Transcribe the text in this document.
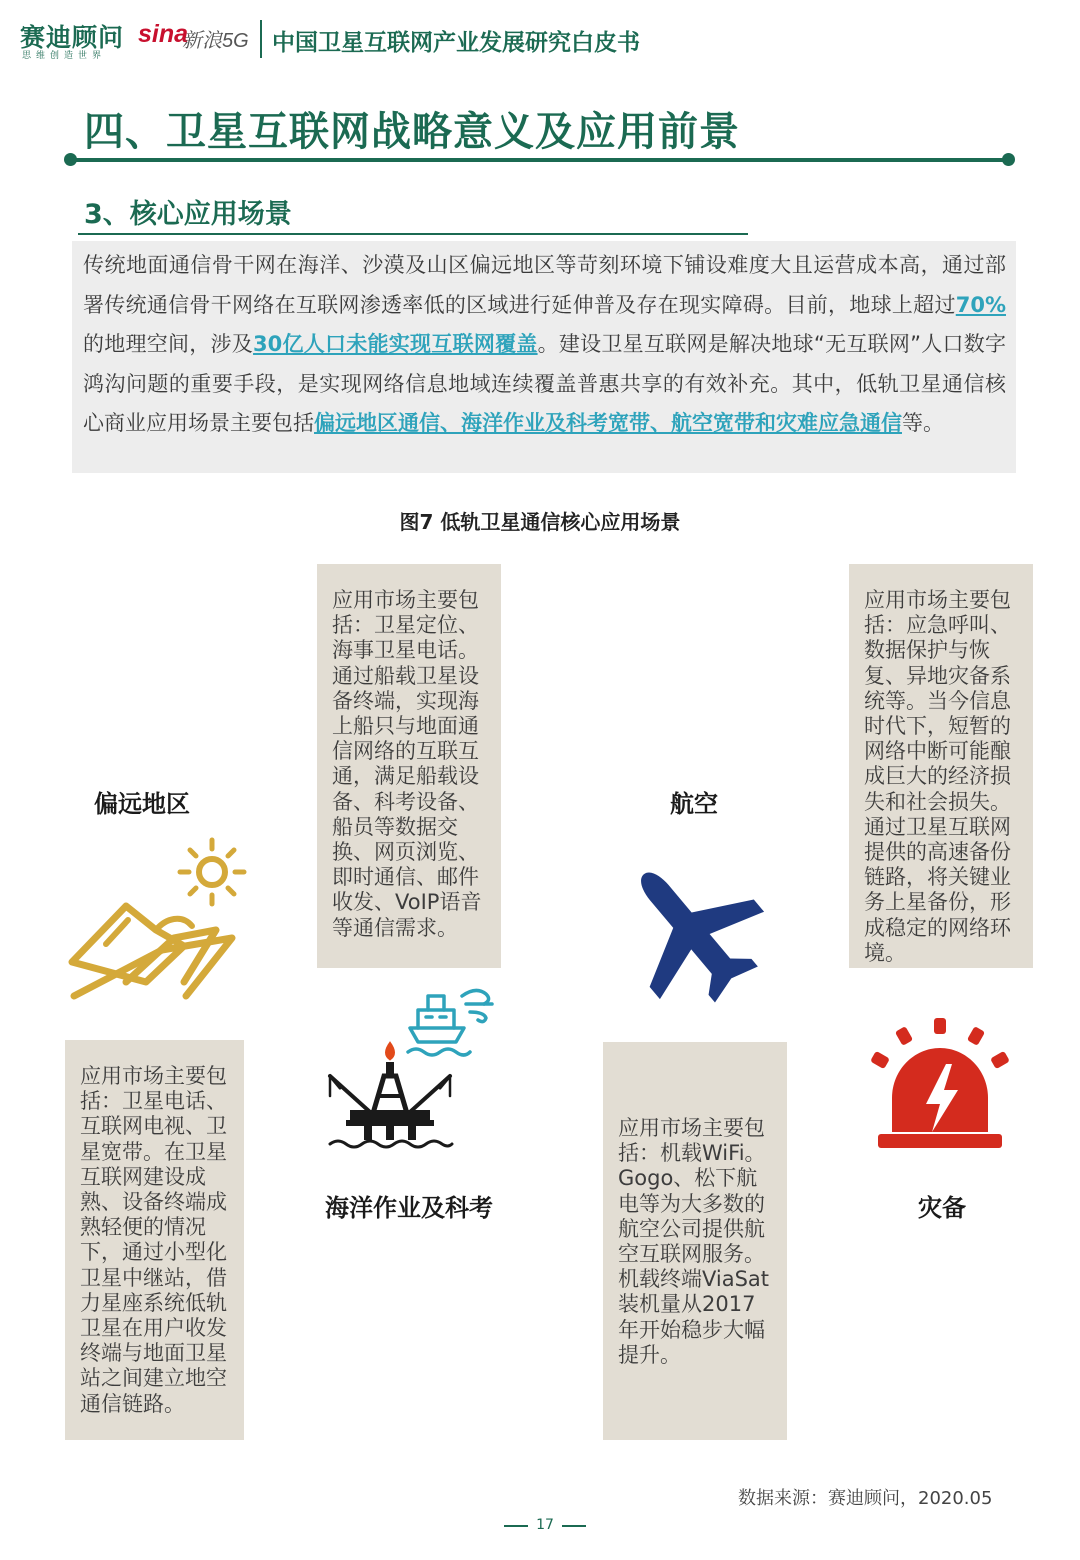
赛迪顾问
思维创造世界
sina
新浪5G 中国卫星互联网产业发展研究白皮书
四、卫星互联网战略意义及应用前景
3、核心应用场景
传统地面通信骨干网在海洋、沙漠及山区偏远地区等苛刻环境下铺设难度大且运营成本高，通过部署传统通信骨干网络在互联网渗透率低的区域进行延伸普及存在现实障碍。目前，地球上超过70%的地理空间，涉及30亿人口未能实现互联网覆盖。建设卫星互联网是解决地球“无互联网”人口数字鸿沟问题的重要手段，是实现网络信息地域连续覆盖普惠共享的有效补充。其中，低轨卫星通信核心商业应用场景主要包括偏远地区通信、海洋作业及科考宽带、航空宽带和灾难应急通信等。
图7 低轨卫星通信核心应用场景
偏远地区
应用市场主要包括：卫星电话、互联网电视、卫星宽带。在卫星互联网建设成熟、设备终端成熟轻便的情况下，通过小型化卫星中继站，借力星座系统低轨卫星在用户收发终端与地面卫星站之间建立地空通信链路。
应用市场主要包括：卫星定位、海事卫星电话。通过船载卫星设备终端，实现海上船只与地面通信网络的互联互通，满足船载设备、科考设备、船员等数据交换、网页浏览、即时通信、邮件收发、VoIP语音等通信需求。
海洋作业及科考
航空
应用市场主要包括：机载WiFi。Gogo、松下航电等为大多数的航空公司提供航空互联网服务。机载终端ViaSat装机量从2017年开始稳步大幅提升。
应用市场主要包括：应急呼叫、数据保护与恢复、异地灾备系统等。当今信息时代下，短暂的网络中断可能酿成巨大的经济损失和社会损失。通过卫星互联网提供的高速备份链路，将关键业务上星备份，形成稳定的网络环境。
灾备
数据来源：赛迪顾问，2020.05
17
